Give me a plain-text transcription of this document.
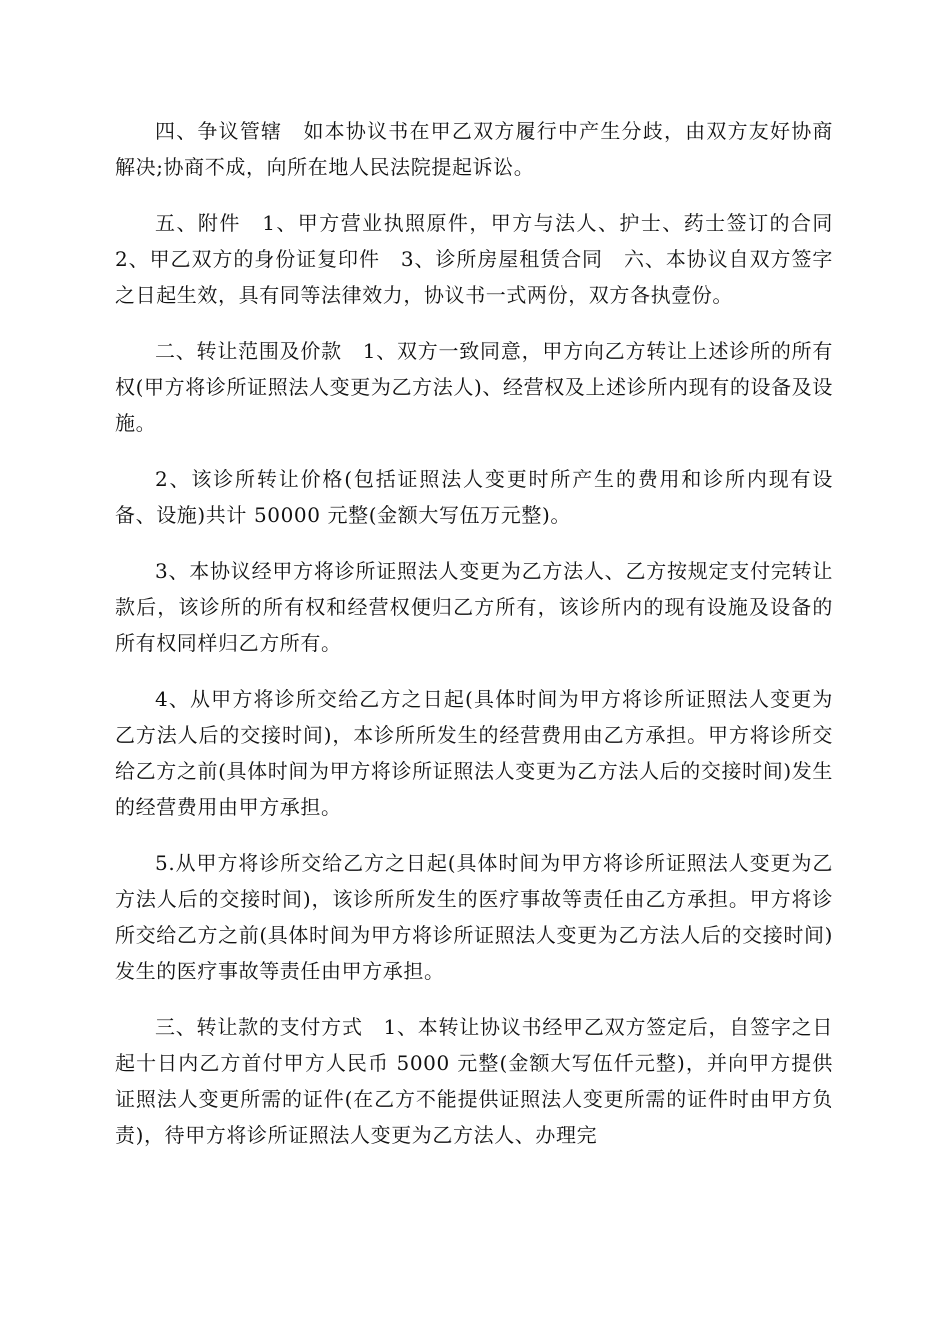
四、争议管辖　如本协议书在甲乙双方履行中产生分歧，由双方友好协商解决;协商不成，向所在地人民法院提起诉讼。

五、附件　1、甲方营业执照原件，甲方与法人、护士、药士签订的合同　2、甲乙双方的身份证复印件　3、诊所房屋租赁合同　六、本协议自双方签字之日起生效，具有同等法律效力，协议书一式两份，双方各执壹份。

二、转让范围及价款　1、双方一致同意，甲方向乙方转让上述诊所的所有权(甲方将诊所证照法人变更为乙方法人)、经营权及上述诊所内现有的设备及设施。

2、该诊所转让价格(包括证照法人变更时所产生的费用和诊所内现有设备、设施)共计 50000 元整(金额大写伍万元整)。

3、本协议经甲方将诊所证照法人变更为乙方法人、乙方按规定支付完转让款后，该诊所的所有权和经营权便归乙方所有，该诊所内的现有设施及设备的所有权同样归乙方所有。

4、从甲方将诊所交给乙方之日起(具体时间为甲方将诊所证照法人变更为乙方法人后的交接时间)，本诊所所发生的经营费用由乙方承担。甲方将诊所交给乙方之前(具体时间为甲方将诊所证照法人变更为乙方法人后的交接时间)发生的经营费用由甲方承担。

5.从甲方将诊所交给乙方之日起(具体时间为甲方将诊所证照法人变更为乙方法人后的交接时间)，该诊所所发生的医疗事故等责任由乙方承担。甲方将诊所交给乙方之前(具体时间为甲方将诊所证照法人变更为乙方法人后的交接时间)发生的医疗事故等责任由甲方承担。

三、转让款的支付方式　1、本转让协议书经甲乙双方签定后，自签字之日起十日内乙方首付甲方人民币 5000 元整(金额大写伍仟元整)，并向甲方提供证照法人变更所需的证件(在乙方不能提供证照法人变更所需的证件时由甲方负责)，待甲方将诊所证照法人变更为乙方法人、办理完
